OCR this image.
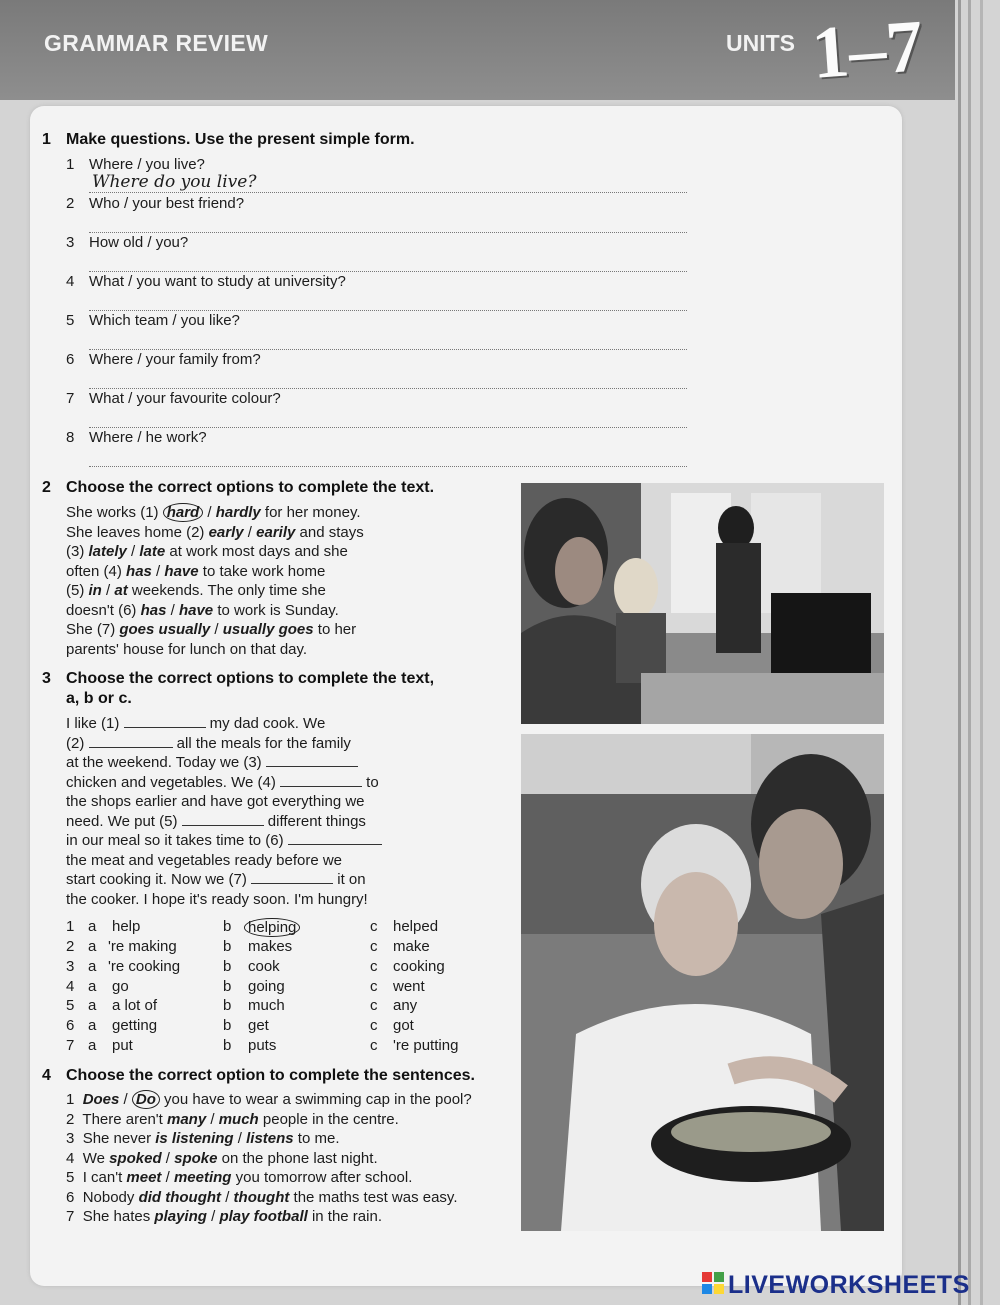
GRAMMAR REVIEW	UNITS 1–7
1 Make questions. Use the present simple form.
1 Where / you live?
Where do you live?
2 Who / your best friend?
3 How old / you?
4 What / you want to study at university?
5 Which team / you like?
6 Where / your family from?
7 What / your favourite colour?
8 Where / he work?
2 Choose the correct options to complete the text.
She works (1) hard / hardly for her money.
She leaves home (2) early / earily and stays
(3) lately / late at work most days and she
often (4) has / have to take work home
(5) in / at weekends. The only time she
doesn't (6) has / have to work is Sunday.
She (7) goes usually / usually goes to her
parents' house for lunch on that day.
3 Choose the correct options to complete the text,
a, b or c.
I like (1)	my dad cook. We
(2)	all the meals for the family
at the weekend. Today we (3)
chicken and vegetables. We (4)	to
the shops earlier and have got everything we
need. We put (5)	different things
in our meal so it takes time to (6)
the meat and vegetables ready before we
start cooking it. Now we (7)	it on
the cooker. I hope it's ready soon. I'm hungry!
1 a help	b helping	c helped
2 a 're making	b makes	c make
3 a 're cooking	b cook	c cooking
4 a go	b going	c went
5 a a lot of	b much	c any
6 a getting	b get	c got
7 a put	b puts	c 're putting
4 Choose the correct option to complete the sentences.
1 Does / Do you have to wear a swimming cap in the pool?
2 There aren't many / much people in the centre.
3 She never is listening / listens to me.
4 We spoked / spoke on the phone last night.
5 I can't meet / meeting you tomorrow after school.
6 Nobody did thought / thought the maths test was easy.
7 She hates playing / play football in the rain.
LIVEWORKSHEETS
